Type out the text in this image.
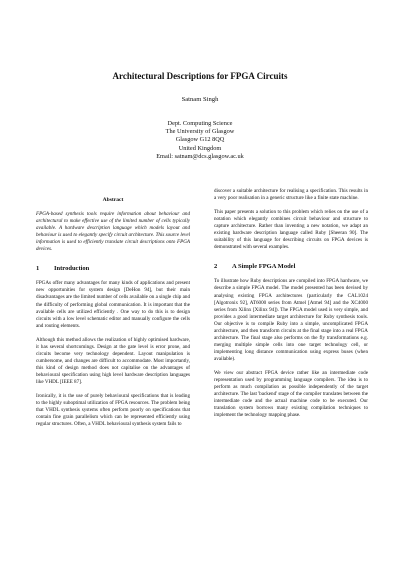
Architectural Descriptions for FPGA Circuits
Satnam Singh
Dept. Computing Science
The University of Glasgow
Glasgow G12 8QQ
United Kingdom
Email: satnam@dcs.glasgow.ac.uk
Abstract

FPGA-based synthesis tools require information about behaviour and architectural to make effective use of the limited number of cells typically available. A hardware description language which models layout and behaviour is used to elegantly specify circuit architecture. This source level information is used to efficiently translate circuit descriptions onto FPGA devices.

1 Introduction

FPGAs offer many advantages for many kinds of applications and present new opportunities for system design [DeHon 94], but their main disadvantages are the limited number of cells available on a single chip and the difficulty of performing global communication. It is important that the available cells are utilized efficiently . One way to do this is to design circuits with a low level schematic editor and manually configure the cells and routing elements.

Although this method allows the realization of highly optimised hardware, it has several shortcomings. Design at the gate level is error prone, and circuits become very technology dependent. Layout manipulation is cumbersome, and changes are difficult to accommodate. Most importantly, this kind of design method does not capitalise on the advantages of behavioural specification using high level hardware description languages like VHDL [IEEE 87].

Ironically, it is the use of purely behavioural specifications that is leading to the highly suboptimal utilization of FPGA resources. The problem being that VHDL synthesis systems often perform poorly on specifications that contain fine grain parallelism which can be represented efficiently using regular structures. Often, a VHDL behavioural synthesis system fails to

discover a suitable architecture for realising a specification. This results in a very poor realisation in a generic structure like a finite state machine.

This paper presents a solution to this problem which relies on the use of a notation which elegantly combines circuit behaviour and structure to capture architecture. Rather than inventing a new notation, we adapt an existing hardware description language called Ruby [Sheeran 90]. The suitability of this language for describing circuits on FPGA devices is demonstrated with several examples.

2 A Simple FPGA Model

To illustrate how Ruby descriptions are compiled into FPGA hardware, we describe a simple FPGA model. The model presented has been devised by analysing existing FPGA architectures (particularly the CAL1024 [Algotronix 92], AT6000 series from Atmel [Atmel 94] and the XC4000 series from Xilinx [Xilinx 94]). The FPGA model used is very simple, and provides a good intermediate target architecture for Ruby synthesis tools. Our objective is to compile Ruby into a simple, uncomplicated FPGA architecture, and then transform circuits at the final stage into a real FPGA architecture. The final stage also performs on the fly transformations e.g. merging multiple simple cells into one target technology cell, or implementing long distance communication using express buses (when available).

We view our abstract FPGA device rather like an intermediate code representation used by programming language compilers. The idea is to perform as much compilation as possible independently of the target architecture. The last 'backend' stage of the compiler translates between the intermediate code and the actual machine code to be executed. Our translation system borrows many existing compilation techniques to implement the technology mapping phase.
